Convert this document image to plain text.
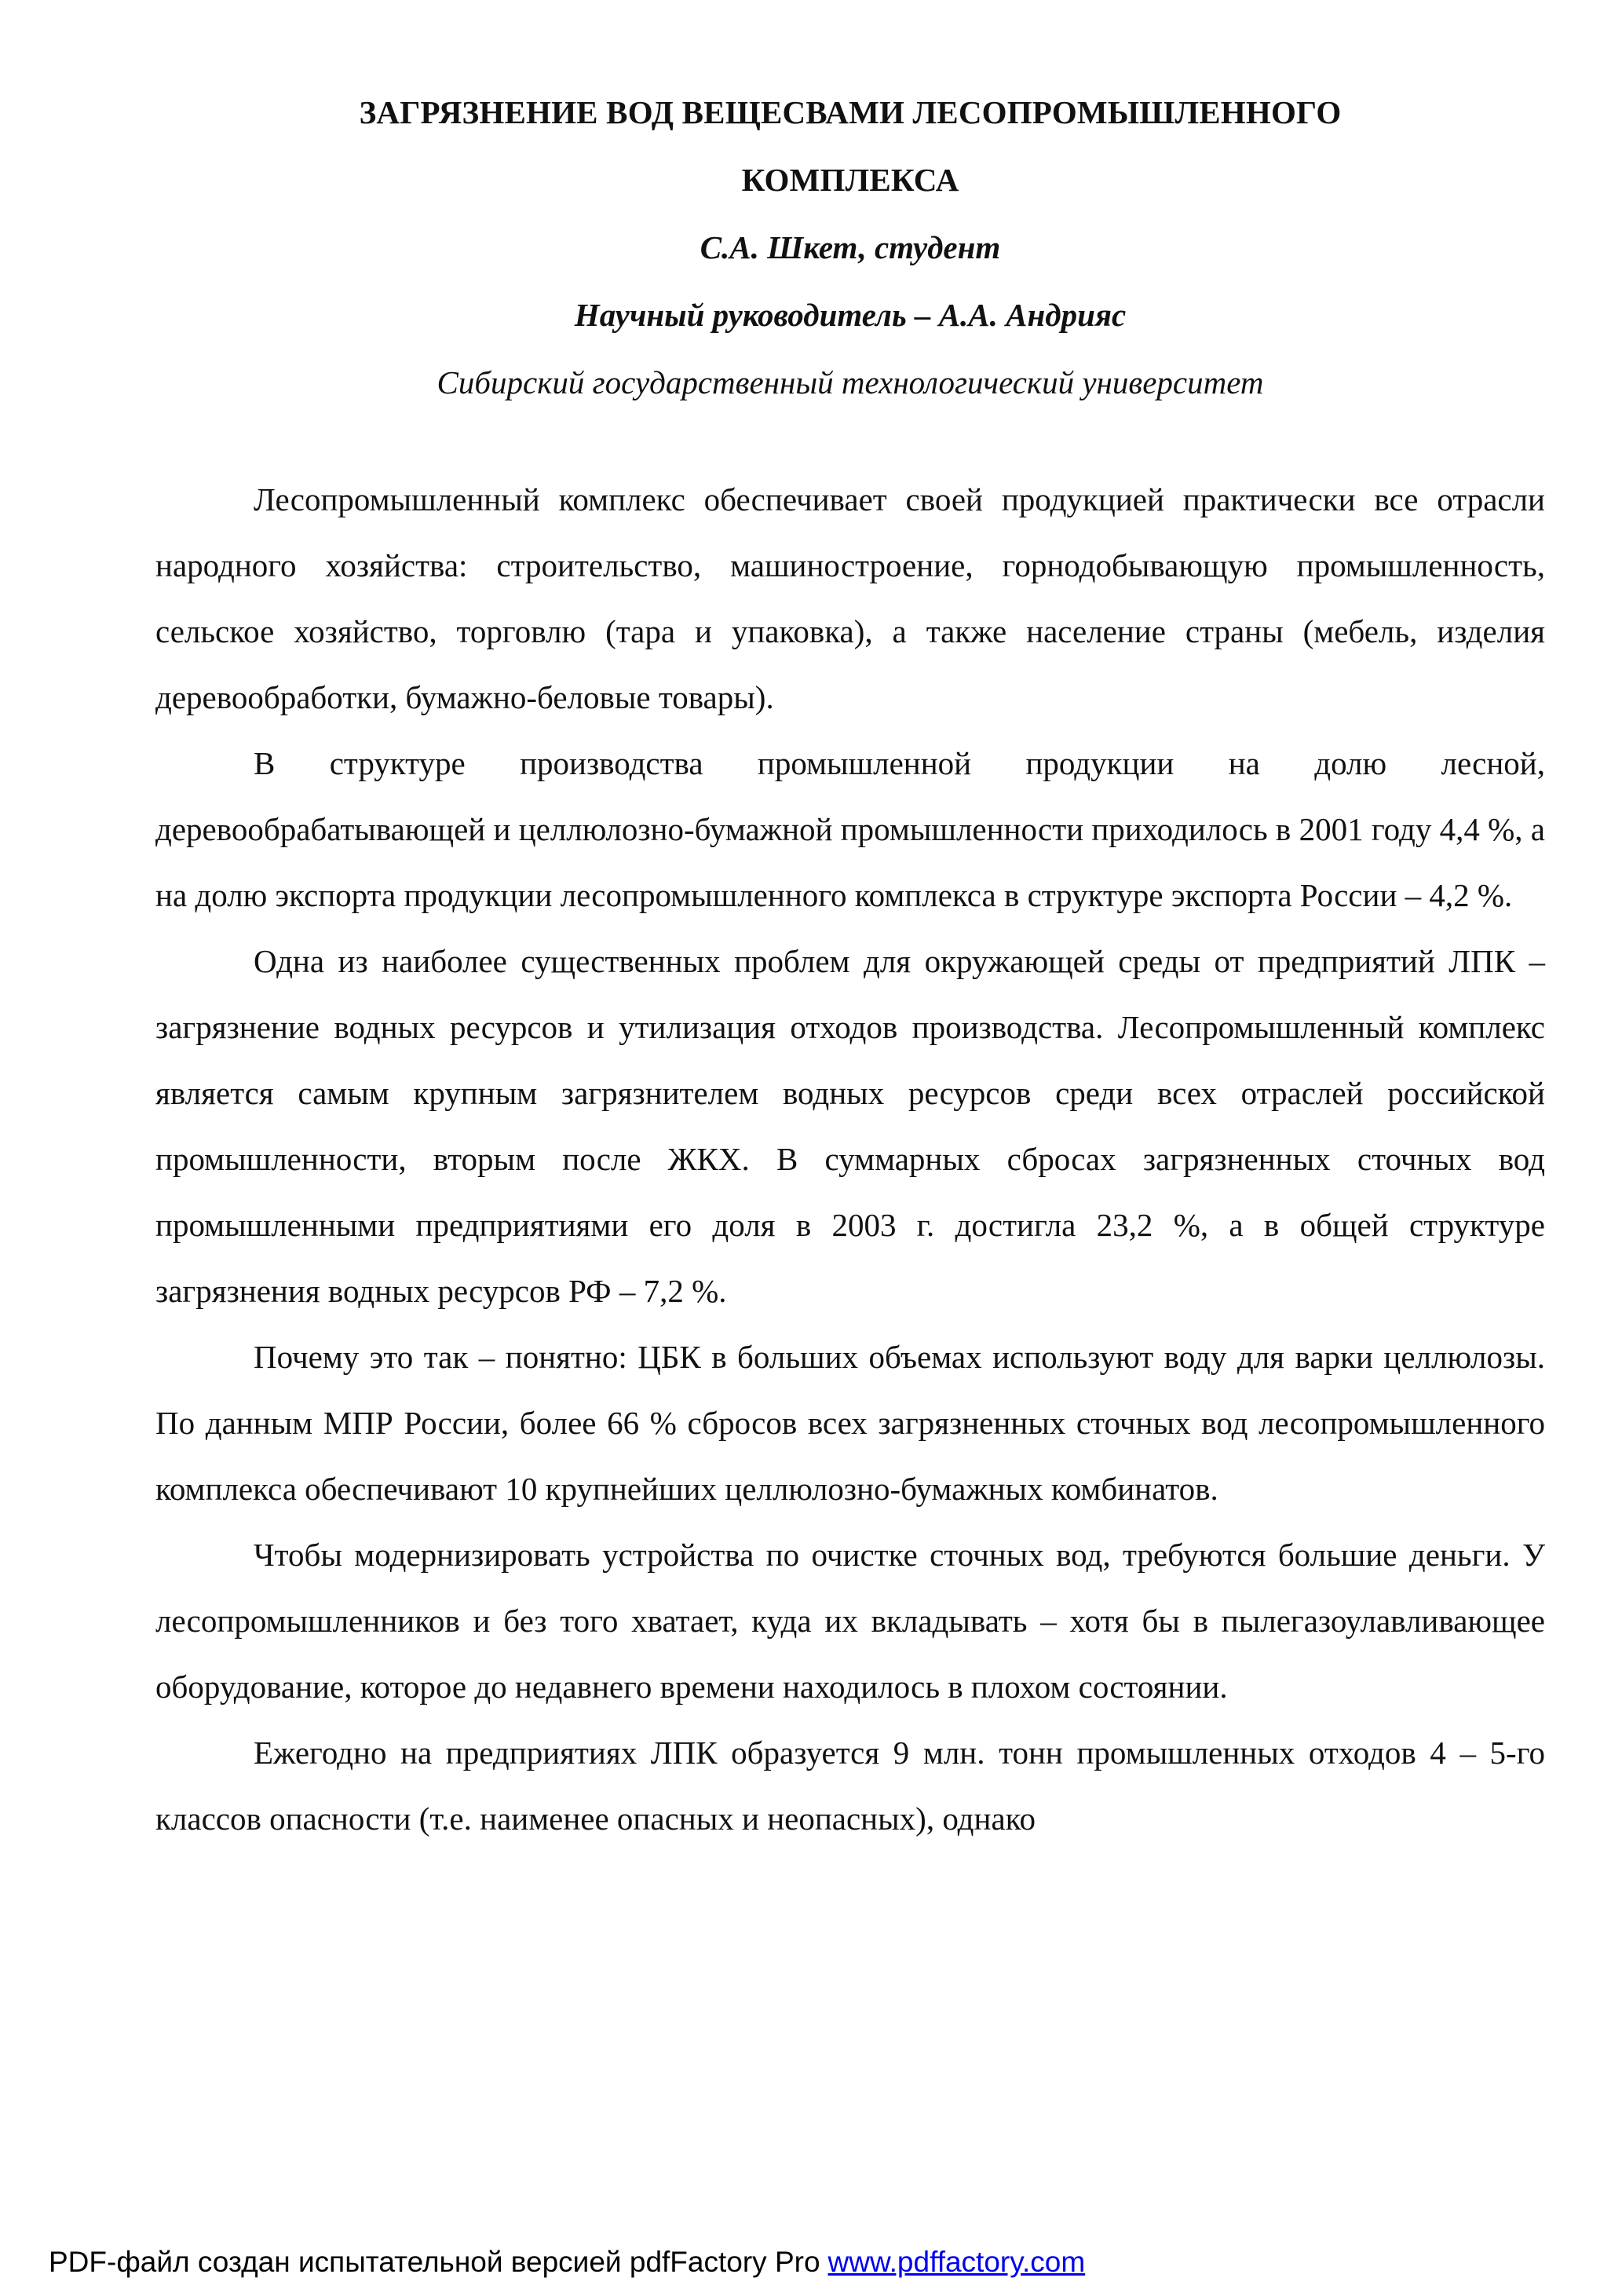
ЗАГРЯЗНЕНИЕ ВОД ВЕЩЕСВАМИ ЛЕСОПРОМЫШЛЕННОГО

КОМПЛЕКСА

С.А. Шкет, студент

Научный руководитель – А.А. Андрияс

Сибирский государственный технологический университет

Лесопромышленный комплекс обеспечивает своей продукцией практически все отрасли народного хозяйства: строительство, машиностроение, горнодобывающую промышленность, сельское хозяйство, торговлю (тара и упаковка), а также население страны (мебель, изделия деревообработки, бумажно-беловые товары).

В структуре производства промышленной продукции на долю лесной, деревообрабатывающей и целлюлозно-бумажной промышленности приходилось в 2001 году 4,4 %, а на долю экспорта продукции лесопромышленного комплекса в структуре экспорта России – 4,2 %.

Одна из наиболее существенных проблем для окружающей среды от предприятий ЛПК – загрязнение водных ресурсов и утилизация отходов производства. Лесопромышленный комплекс является самым крупным загрязнителем водных ресурсов среди всех отраслей российской промышленности, вторым после ЖКХ. В суммарных сбросах загрязненных сточных вод промышленными предприятиями его доля в 2003 г. достигла 23,2 %, а в общей структуре загрязнения водных ресурсов РФ – 7,2 %.

Почему это так – понятно: ЦБК в больших объемах используют воду для варки целлюлозы. По данным МПР России, более 66 % сбросов всех загрязненных сточных вод лесопромышленного комплекса обеспечивают 10 крупнейших целлюлозно-бумажных комбинатов.

Чтобы модернизировать устройства по очистке сточных вод, требуются большие деньги. У лесопромышленников и без того хватает, куда их вкладывать – хотя бы в пылегазоулавливающее оборудование, которое до недавнего времени находилось в плохом состоянии.

Ежегодно на предприятиях ЛПК образуется 9 млн. тонн промышленных отходов 4 – 5-го классов опасности (т.е. наименее опасных и неопасных), однако

PDF-файл создан испытательной версией pdfFactory Pro www.pdffactory.com
